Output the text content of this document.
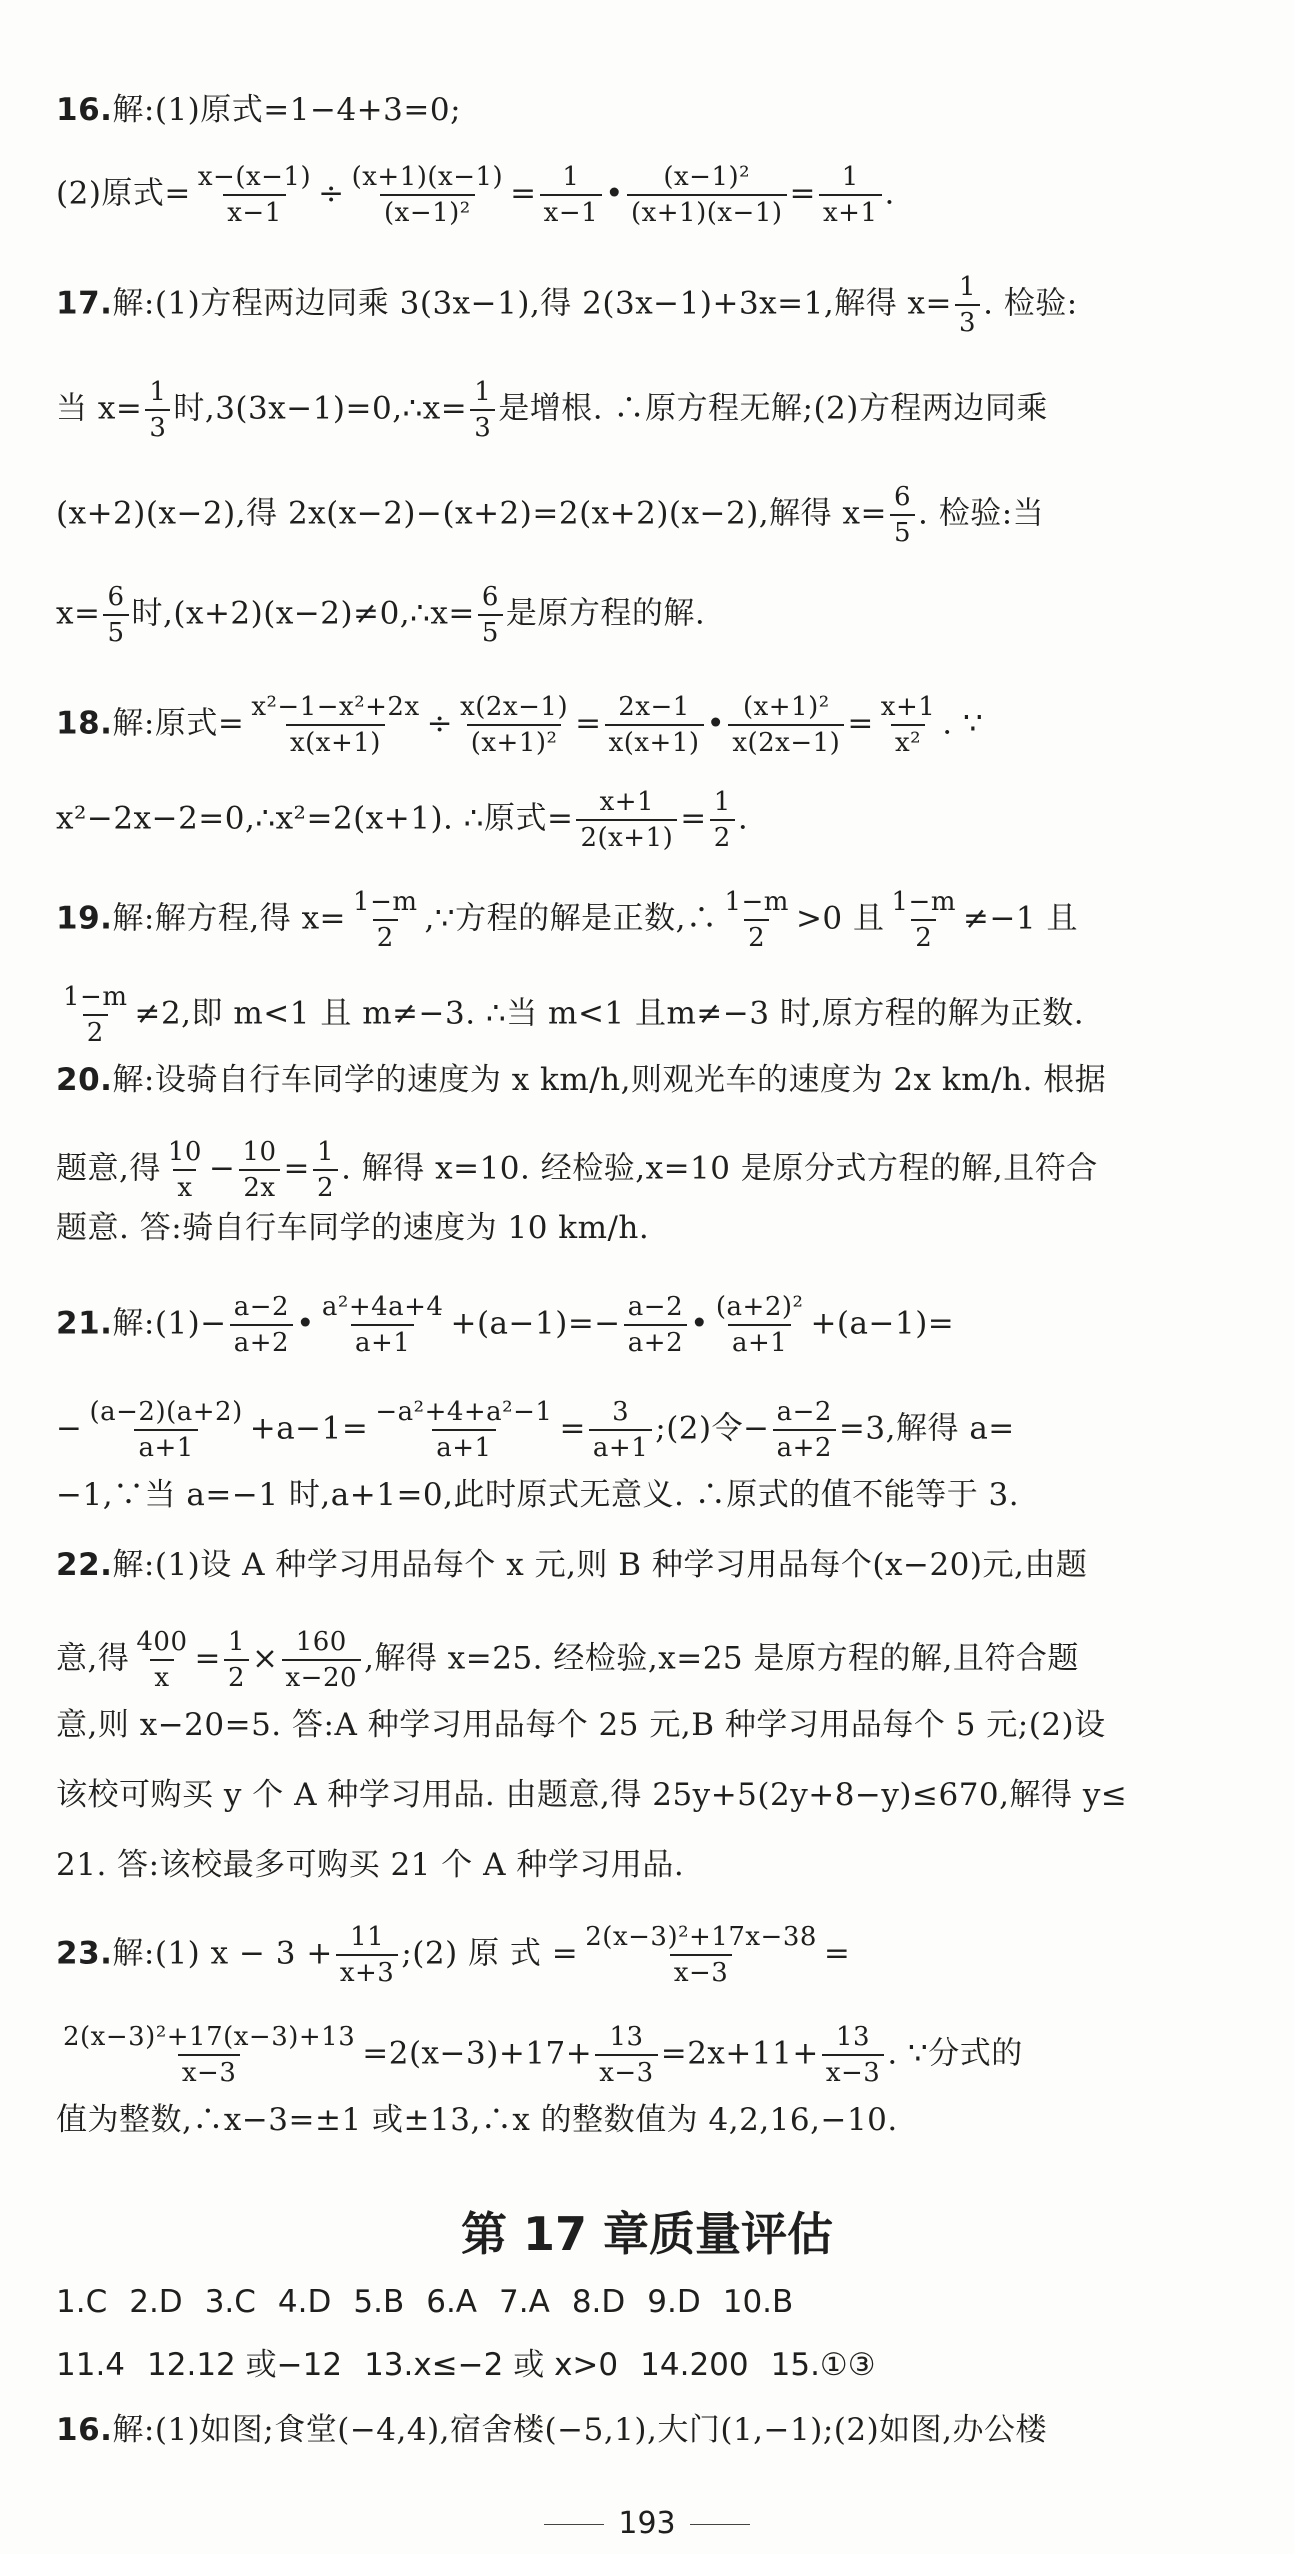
16.解:(1)原式=1−4+3=0;
(2)原式= $\frac{x-(x-1)}{x-1} \div \frac{(x+1)(x-1)}{\text{(x−1)²}} = \frac{1}{x-1}$ • $\frac{\text{(x−1)²}}{(x+1)(x-1)} = \frac{1}{x+1}$ .
17.解:(1)方程两边同乘 3(3x−1),得 2(3x−1)+3x=1,解得 $x= \frac{1}{3}$ . 检验:
当 $x= \frac{1}{3}$ 时,3(3x−1)=0,∴x= $\frac{1}{3}$ 是增根. ∴原方程无解;(2)方程两边同乘
(x+2)(x−2),得 2x(x−2)−(x+2)=2(x+2)(x−2),解得 $x= \frac{6}{5}$ . 检验:当
$x= \frac{6}{5}$ 时,(x+2)(x−2)≠0,∴x= $\frac{6}{5}$ 是原方程的解.
18.解:原式= $\frac{\text{x²−1−x²+2x}}{x(x+1)} \div \frac{x(2x-1)}{\text{(x+1)²}} = \frac{2x-1}{x(x+1)}$ • $\frac{\text{(x+1)²}}{x(2x-1)} = \frac{x+1}{\text{x²}}$ . ∵
x²−2x−2=0,∴x²=2(x+1). ∴原式= $\frac{x+1}{2(x+1)} = \frac{1}{2}$ .
19.解:解方程,得 $x= \frac{1-m}{2}$ ,∵方程的解是正数,∴ $\frac{1-m}{2} >0$ 且 $\frac{1-m}{2} \ne-1$ 且
$\frac{1-m}{2} \ne 2$,即 m<1 且 m≠−3. ∴当 m<1 且m≠−3 时,原方程的解为正数.
20.解:设骑自行车同学的速度为 x km/h,则观光车的速度为 2x km/h. 根据
题意,得 $\frac{10}{x} - \frac{10}{2x} = \frac{1}{2}$ . 解得 x=10. 经检验,x=10 是原分式方程的解,且符合
题意. 答:骑自行车同学的速度为 10 km/h.
21.解:(1)− $\frac{a-2}{a+2}$ • $\frac{\text{a²+4a+4}}{a+1} +(a-1)=- \frac{a-2}{a+2}$ • $\frac{\text{(a+2)²}}{a+1} +(a-1)=$
− $\frac{(a-2)(a+2)}{a+1} +a-1= \frac{\text{−a²+4+a²−1}}{a+1} = \frac{3}{a+1}$ ;(2)令− $\frac{a-2}{a+2} =3$,解得 a=
−1,∵当 a=−1 时,a+1=0,此时原式无意义. ∴原式的值不能等于 3.
22.解:(1)设 A 种学习用品每个 x 元,则 B 种学习用品每个(x−20)元,由题
意,得 $\frac{400}{x} = \frac{1}{2} \times \frac{160}{x-20}$ ,解得 x=25. 经检验,x=25 是原方程的解,且符合题
意,则 x−20=5. 答:A 种学习用品每个 25 元,B 种学习用品每个 5 元;(2)设
该校可购买 y 个 A 种学习用品. 由题意,得 25y+5(2y+8−y)≤670,解得 y≤
21. 答:该校最多可购买 21 个 A 种学习用品.
23.解:(1) $x - 3 + \frac{11}{x+3}$ ;(2) 原 式 = $\frac{\text{2(x−3)²+17x−38}}{x-3}$ =
$\frac{\text{2(x−3)²+17(x−3)+13}}{x-3} =2(x-3)+17+ \frac{13}{x-3} =2x+11+ \frac{13}{x-3}$ . ∵分式的
值为整数,∴x−3=±1 或±13,∴x 的整数值为 4,2,16,−10.
第 17 章质量评估
1.C 2.D 3.C 4.D 5.B 6.A 7.A 8.D 9.D 10.B
11.4 12.12 或−12 13.x≤−2 或 x>0 14.200 15.①③
16.解:(1)如图;食堂(−4,4),宿舍楼(−5,1),大门(1,−1);(2)如图,办公楼
193
